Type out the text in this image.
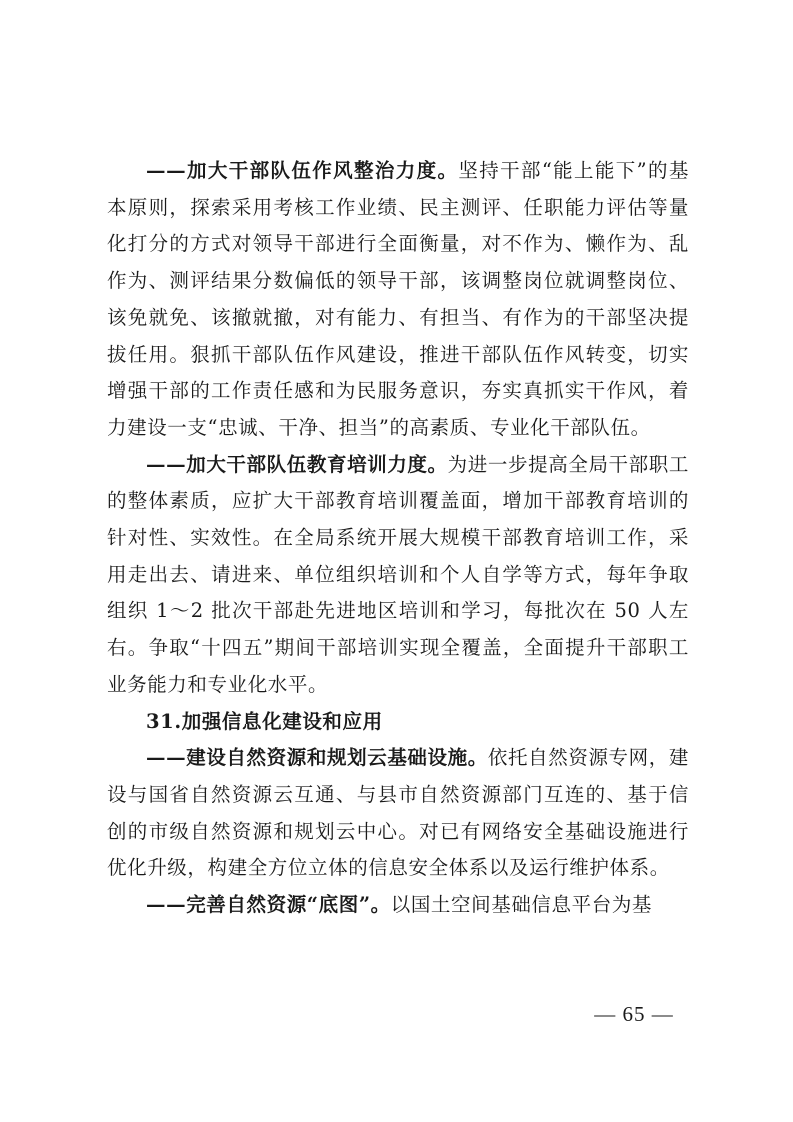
——加大干部队伍作风整治力度。坚持干部“能上能下”的基本原则，探索采用考核工作业绩、民主测评、任职能力评估等量化打分的方式对领导干部进行全面衡量，对不作为、懒作为、乱作为、测评结果分数偏低的领导干部，该调整岗位就调整岗位、该免就免、该撤就撤，对有能力、有担当、有作为的干部坚决提拔任用。狠抓干部队伍作风建设，推进干部队伍作风转变，切实增强干部的工作责任感和为民服务意识，夯实真抓实干作风，着力建设一支“忠诚、干净、担当”的高素质、专业化干部队伍。

——加大干部队伍教育培训力度。为进一步提高全局干部职工的整体素质，应扩大干部教育培训覆盖面，增加干部教育培训的针对性、实效性。在全局系统开展大规模干部教育培训工作，采用走出去、请进来、单位组织培训和个人自学等方式，每年争取组织 1～2 批次干部赴先进地区培训和学习，每批次在 50 人左右。争取“十四五”期间干部培训实现全覆盖，全面提升干部职工业务能力和专业化水平。

31.加强信息化建设和应用

——建设自然资源和规划云基础设施。依托自然资源专网，建设与国省自然资源云互通、与县市自然资源部门互连的、基于信创的市级自然资源和规划云中心。对已有网络安全基础设施进行优化升级，构建全方位立体的信息安全体系以及运行维护体系。

——完善自然资源“底图”。以国土空间基础信息平台为基

— 65 —
